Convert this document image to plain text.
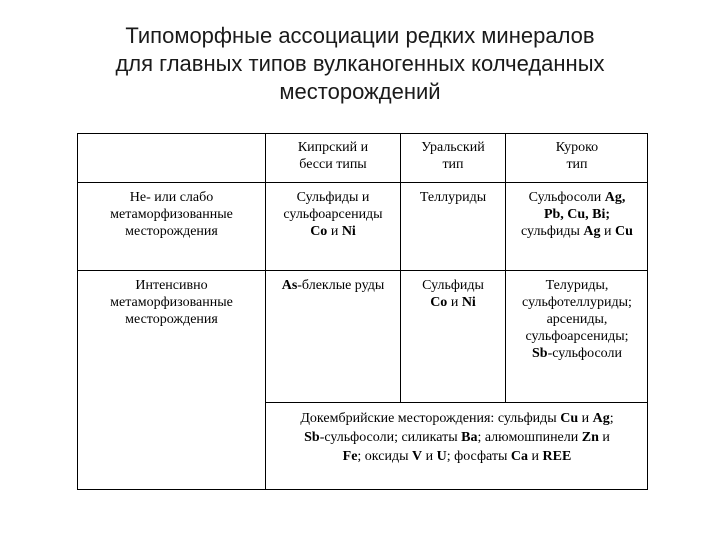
Типоморфные ассоциации редких минералов
для главных типов вулканогенных колчеданных
месторождений
Кипрский и
бесси типы
Уральский
тип
Куроко
тип
Не- или слабо
метаморфизованные
месторождения
Сульфиды и
сульфоарсениды
Co и Ni
Теллуриды	Сульфосоли Ag,
Pb, Cu, Bi;
сульфиды Ag и Cu
Интенсивно
метаморфизованные
месторождения
As-блеклые руды	Сульфиды
Co и Ni
Телуриды,
сульфотеллуриды;
арсениды,
сульфоарсениды;
Sb-сульфосоли
Докембрийские месторождения: сульфиды Cu и Ag;
Sb-сульфосоли; силикаты Ba; алюмошпинели Zn и
Fe; оксиды V и U; фосфаты Ca и REE
